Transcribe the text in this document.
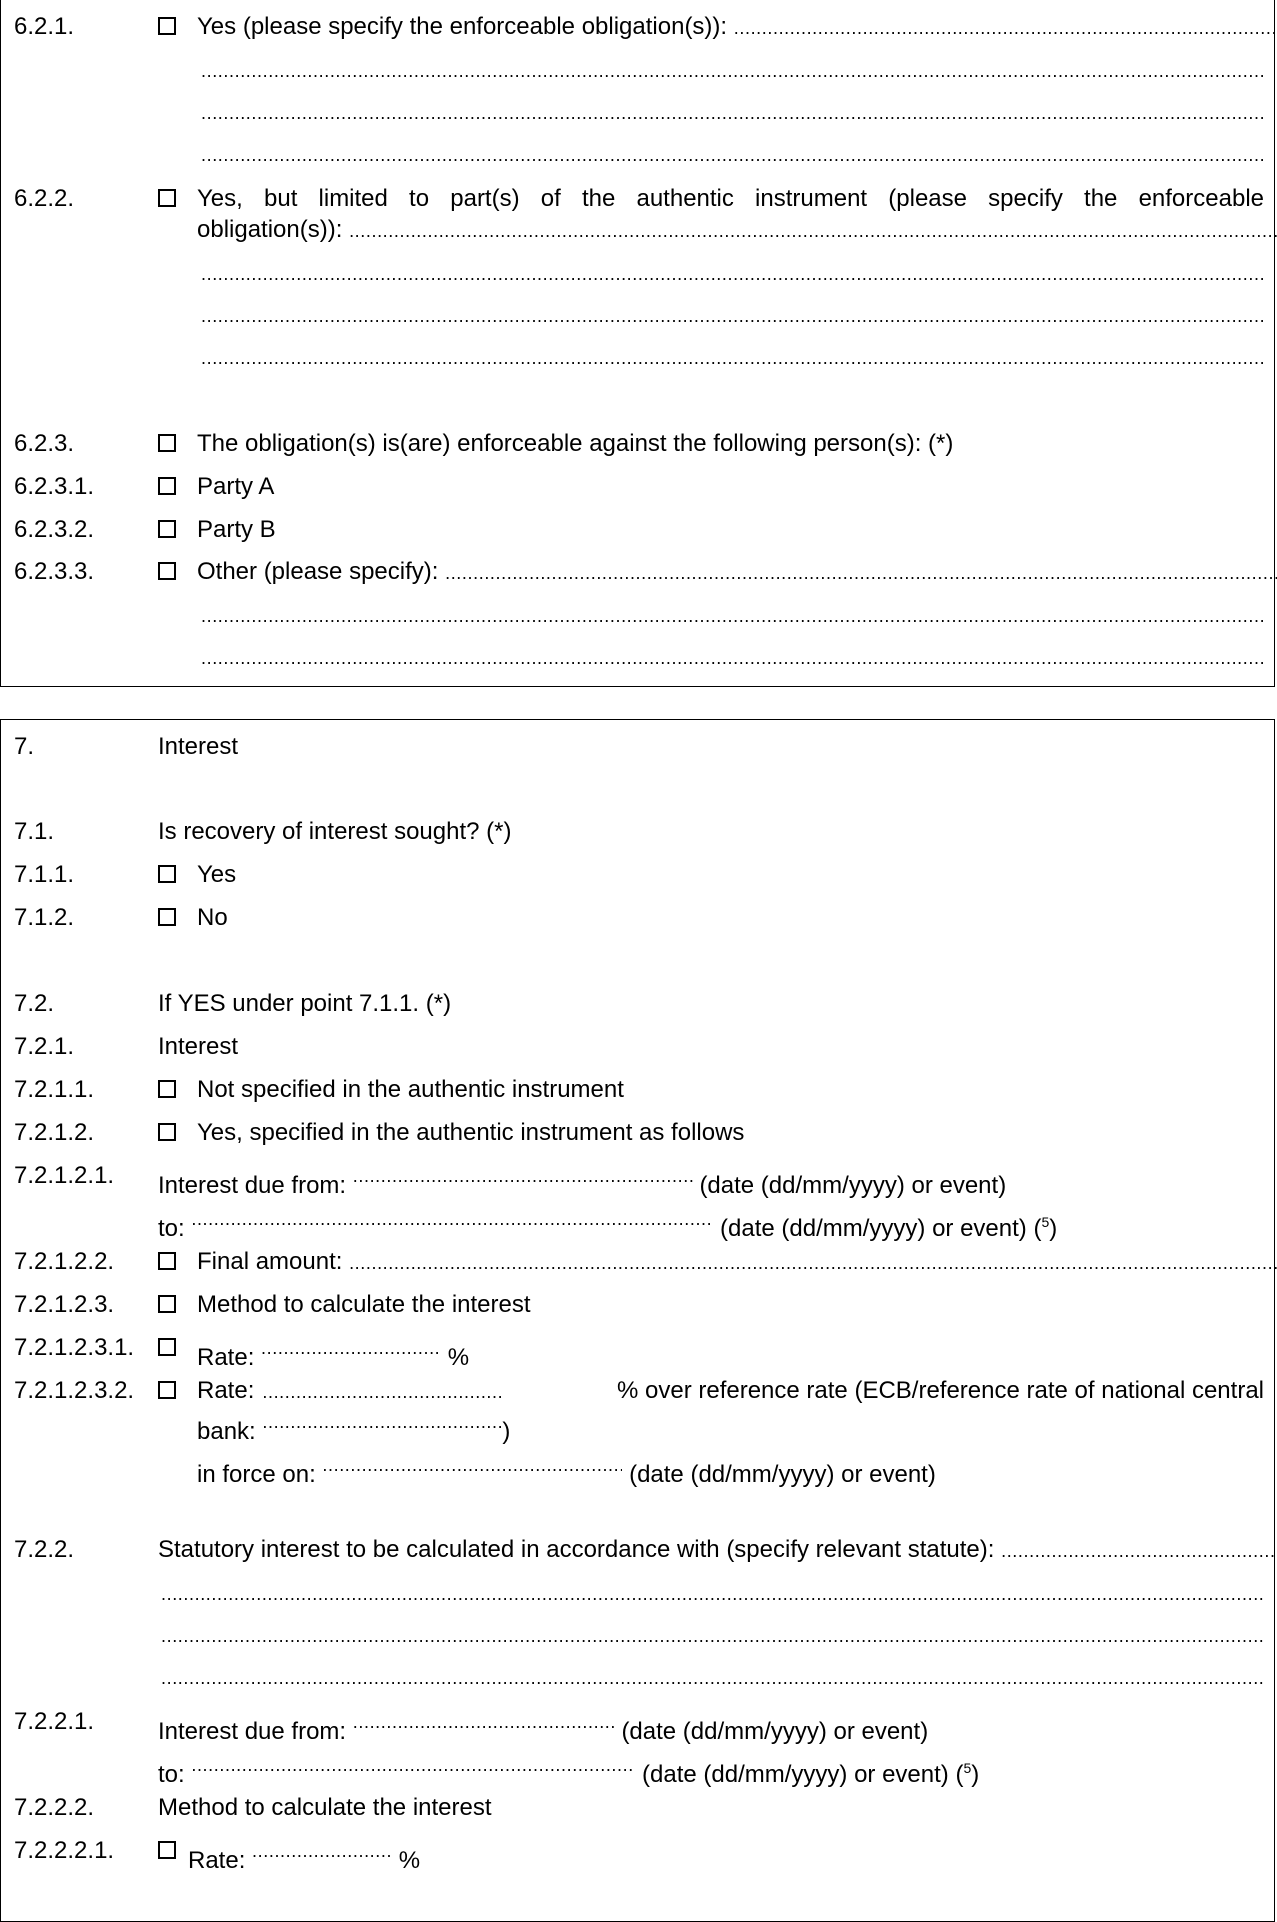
6.2.1.	Yes (please specify the enforceable obligation(s)):

.....
.....
.....
.....
6.2.2.	Yes, but limited to part(s) of the authentic instrument (please specify the enforceable
obligation(s)):

.....
.....
.....
.....
6.2.3.	The obligation(s) is(are) enforceable against the following person(s): (*)
6.2.3.1.	Party A
6.2.3.2.	Party B
6.2.3.3.	Other (please specify):

.....
.....
.....
7.	Interest
7.1.	Is recovery of interest sought? (*)
7.1.1.	Yes
7.1.2.	No
7.2.	If YES under point 7.1.1. (*)
7.2.1.	Interest
7.2.1.1.	Not specified in the authentic instrument
7.2.1.2.	Yes, specified in the authentic instrument as follows
7.2.1.2.1. Interest due from: .....	(date (dd/mm/yyyy) or event)
to: .....	(date (dd/mm/yyyy) or event) ($^5$)
7.2.1.2.2.	Final amount:

.....
7.2.1.2.3.	Method to calculate the interest
7.2.1.2.3.1.	Rate: .....	%
7.2.1.2.3.2.	Rate: .....	% over reference rate (ECB/reference rate of national central
bank: .....	)
in force on: .....	(date (dd/mm/yyyy) or event)
7.2.2.	Statutory interest to be calculated in accordance with (specify relevant statute):

.....
.....
.....
.....
7.2.2.1.	Interest due from: .....	(date (dd/mm/yyyy) or event)
to: .....	(date (dd/mm/yyyy) or event) ($^5$)
7.2.2.2.	Method to calculate the interest
7.2.2.2.1.	Rate: .....	%
